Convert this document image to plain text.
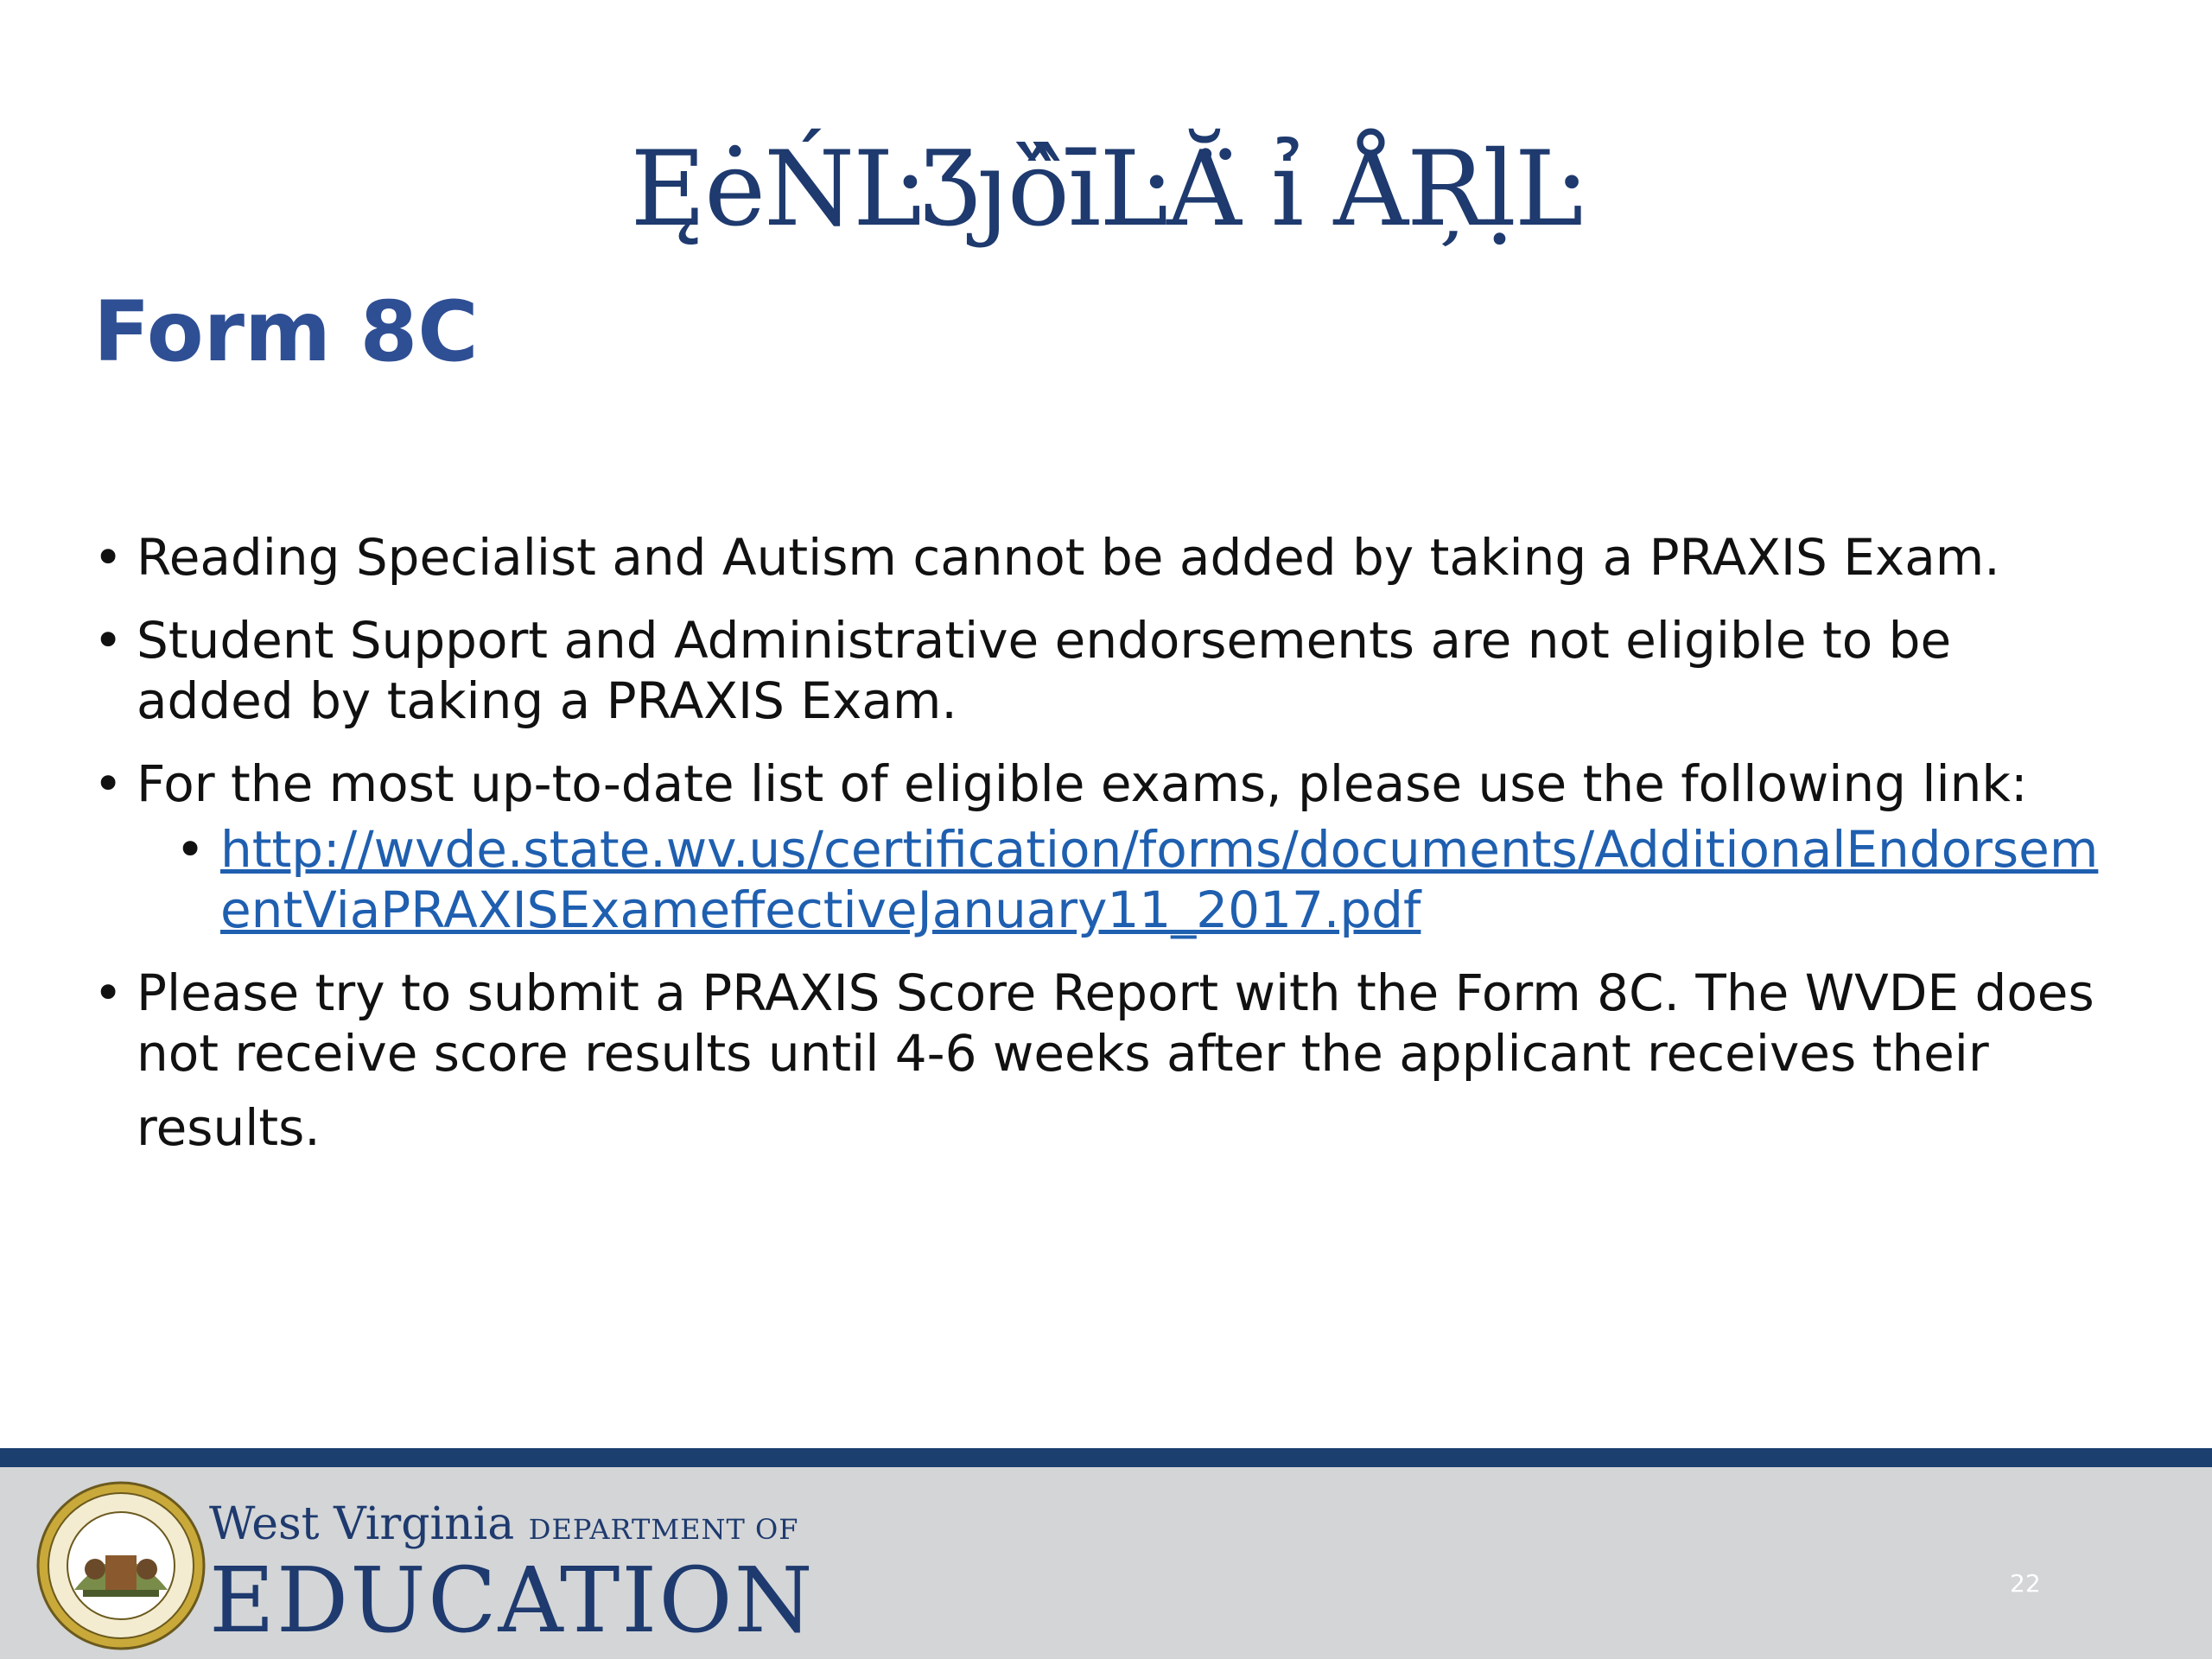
ĘėŃĿƷȷȍ̂īĿĂ̈ ỉ ÅŖḷĿ
Form 8C
• Reading Specialist and Autism cannot be added by taking a PRAXIS Exam.
• Student Support and Administrative endorsements are not eligible to be added by taking a PRAXIS Exam.
• For the most up-to-date list of eligible exams, please use the following link:
• http://wvde.state.wv.us/certification/forms/documents/AdditionalEndorsementViaPRAXISExameffectiveJanuary11_2017.pdf
• Please try to submit a PRAXIS Score Report with the Form 8C. The WVDE does not receive score results until 4-6 weeks after the applicant receives their
results.
West Virginia DEPARTMENT OF
EDUCATION	22
